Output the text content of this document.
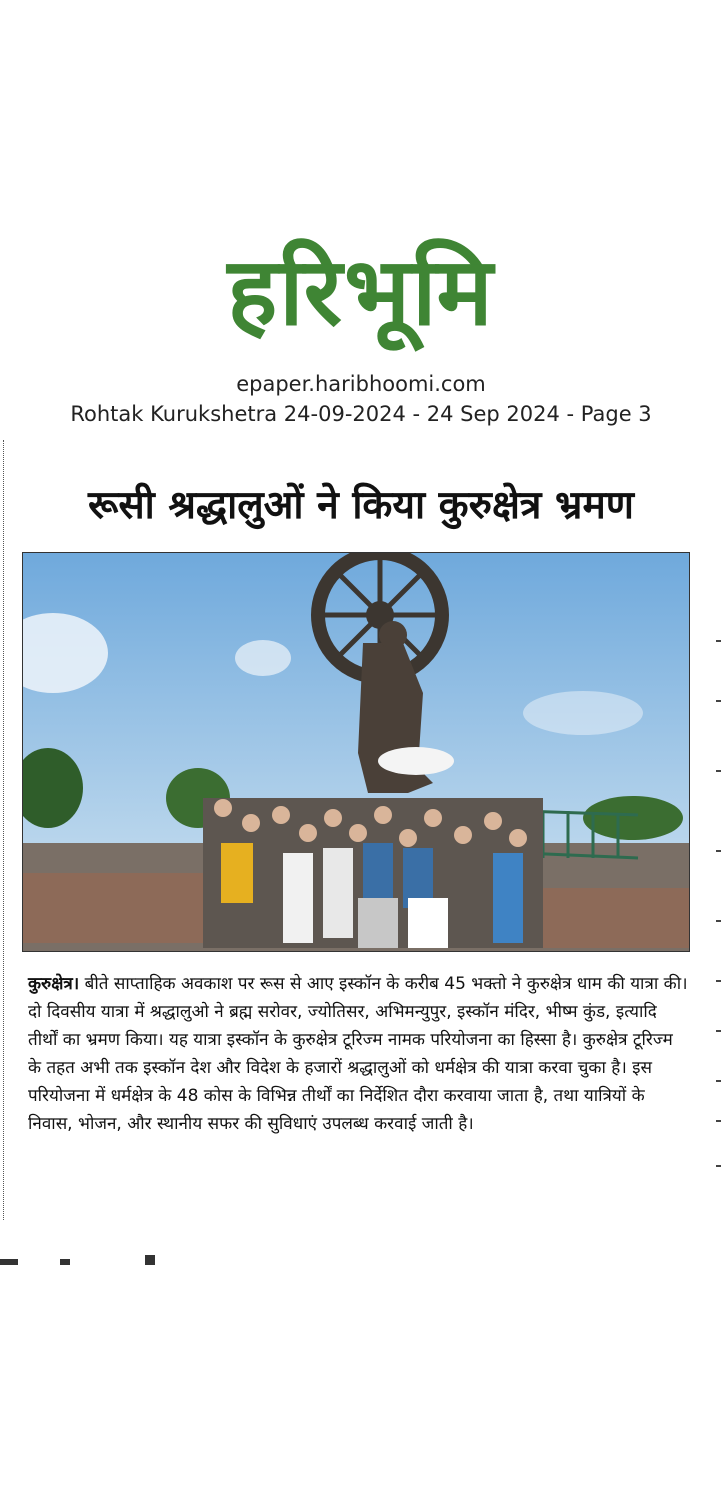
हरिभूमि
epaper.haribhoomi.com
Rohtak Kurukshetra 24-09-2024 - 24 Sep 2024 - Page 3
रूसी श्रद्धालुओं ने किया कुरुक्षेत्र भ्रमण
कुरुक्षेत्र। बीते साप्ताहिक अवकाश पर रूस से आए इस्कॉन के करीब 45 भक्तो ने कुरुक्षेत्र धाम की यात्रा की। दो दिवसीय यात्रा में श्रद्धालुओ ने ब्रह्म सरोवर, ज्योतिसर, अभिमन्युपुर, इस्कॉन मंदिर, भीष्म कुंड, इत्यादि तीर्थों का भ्रमण किया। यह यात्रा इस्कॉन के कुरुक्षेत्र टूरिज्म नामक परियोजना का हिस्सा है। कुरुक्षेत्र टूरिज्म के तहत अभी तक इस्कॉन देश और विदेश के हजारों श्रद्धालुओं को धर्मक्षेत्र की यात्रा करवा चुका है। इस परियोजना में धर्मक्षेत्र के 48 कोस के विभिन्न तीर्थों का निर्देशित दौरा करवाया जाता है, तथा यात्रियों के निवास, भोजन, और स्थानीय सफर की सुविधाएं उपलब्ध करवाई जाती है।
